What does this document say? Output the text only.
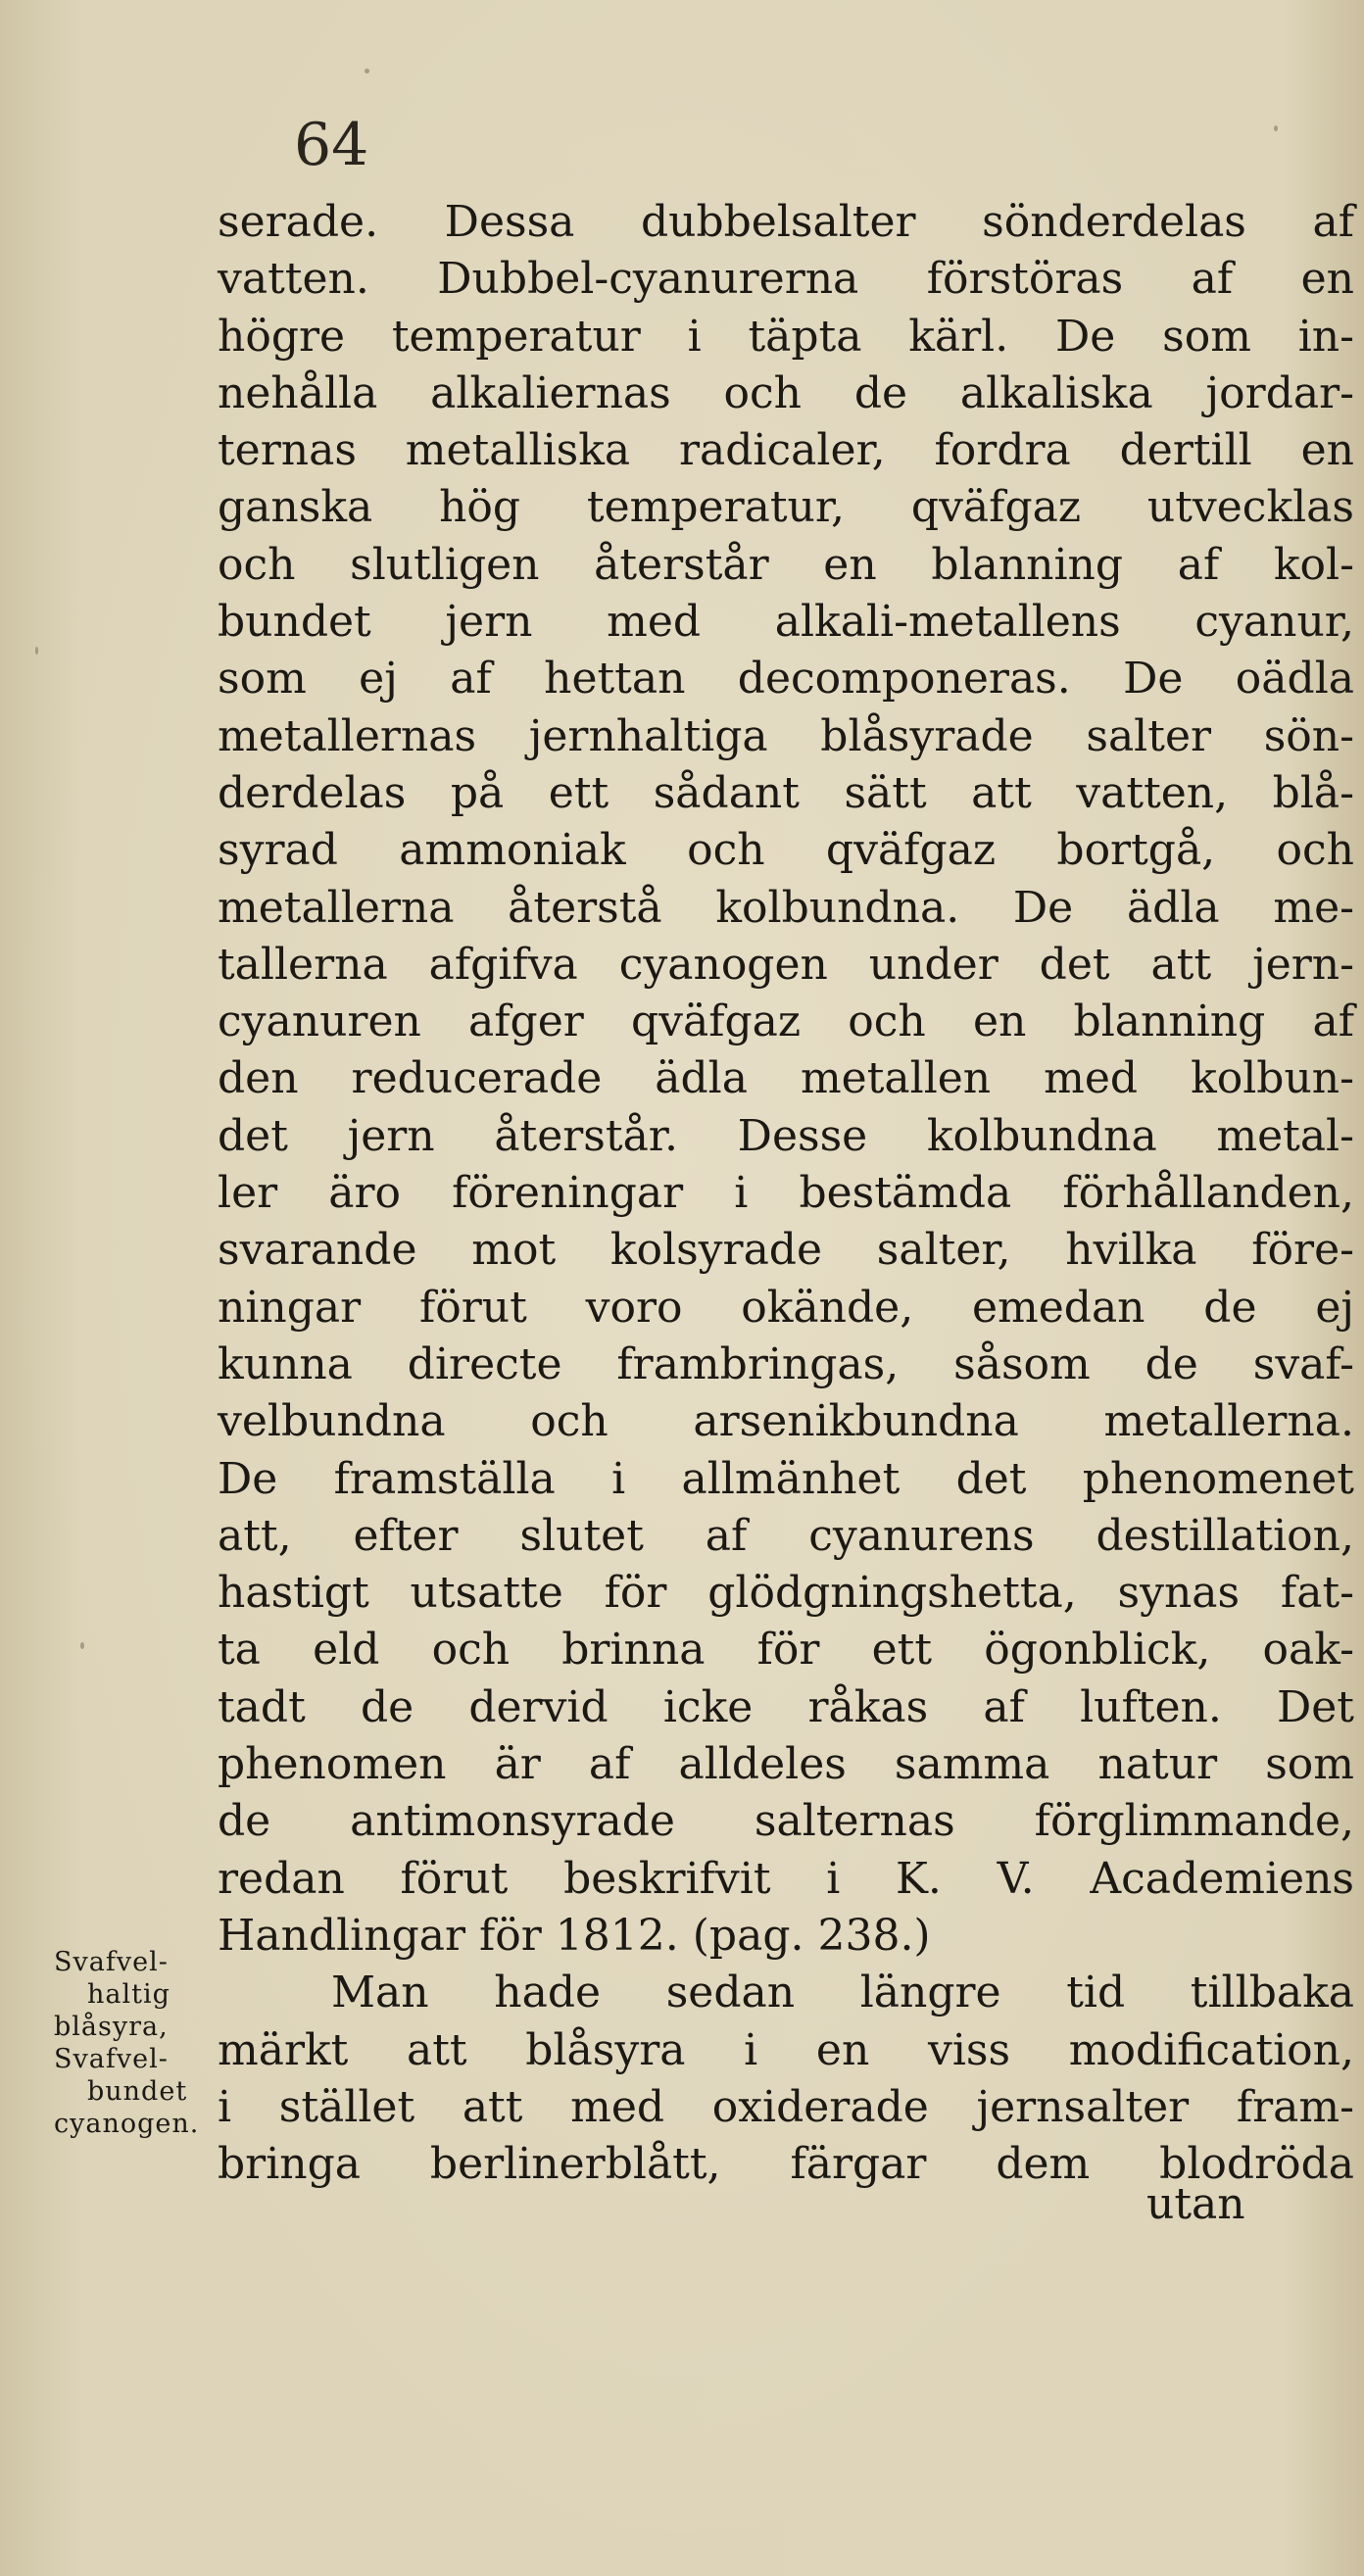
64
serade. Dessa dubbelsalter sönderdelas af
vatten. Dubbel-cyanurerna förstöras af en
högre temperatur i täpta kärl. De som in-
nehålla alkaliernas och de alkaliska jordar-
ternas metalliska radicaler, fordra dertill en
ganska hög temperatur, qväfgaz utvecklas
och slutligen återstår en blanning af kol-
bundet jern med alkali-metallens cyanur,
som ej af hettan decomponeras. De oädla
metallernas jernhaltiga blåsyrade salter sön-
derdelas på ett sådant sätt att vatten, blå-
syrad ammoniak och qväfgaz bortgå, och
metallerna återstå kolbundna. De ädla me-
tallerna afgifva cyanogen under det att jern-
cyanuren afger qväfgaz och en blanning af
den reducerade ädla metallen med kolbun-
det jern återstår. Desse kolbundna metal-
ler äro föreningar i bestämda förhållanden,
svarande mot kolsyrade salter, hvilka före-
ningar förut voro okände, emedan de ej
kunna directe frambringas, såsom de svaf-
velbundna och arsenikbundna metallerna.
De framställa i allmänhet det phenomenet
att, efter slutet af cyanurens destillation,
hastigt utsatte för glödgningshetta, synas fat-
ta eld och brinna för ett ögonblick, oak-
tadt de dervid icke råkas af luften. Det
phenomen är af alldeles samma natur som
de antimonsyrade salternas förglimmande,
redan förut beskrifvit i K. V. Academiens
Handlingar för 1812. (pag. 238.)
Man hade sedan längre tid tillbaka
märkt att blåsyra i en viss modification,
i stället att med oxiderade jernsalter fram-
bringa berlinerblått, färgar dem blodröda
utan
Svafvel-
haltig
blåsyra,
Svafvel-
bundet
cyanogen.
